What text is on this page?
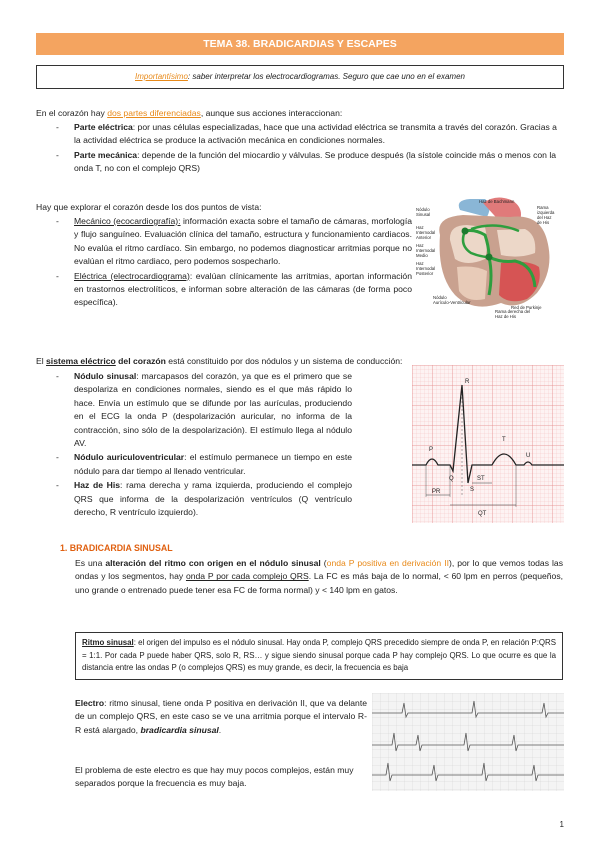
TEMA 38. BRADICARDIAS Y ESCAPES
Importantísimo: saber interpretar los electrocardiogramas. Seguro que cae uno en el examen
En el corazón hay dos partes diferenciadas, aunque sus acciones interaccionan:
- Parte eléctrica: por unas células especializadas, hace que una actividad eléctrica se transmita a través del corazón. Gracias a la actividad eléctrica se produce la activación mecánica en condiciones normales.
- Parte mecánica: depende de la función del miocardio y válvulas. Se produce después (la sístole coincide más o menos con la onda T, no con el complejo QRS)
Hay que explorar el corazón desde los dos puntos de vista:
- Mecánico (ecocardiografía): información exacta sobre el tamaño de cámaras, morfología y flujo sanguíneo. Evaluación clínica del tamaño, estructura y funcionamiento cardiacos. No evalúa el ritmo cardíaco. Sin embargo, no podemos diagnosticar arritmias porque no evalúan el ritmo cardiaco, pero podemos sospecharlo.
- Eléctrica (electrocardiograma): evalúan clínicamente las arritmias, aportan información en trastornos electrolíticos, e informan sobre alteración de las cámaras (de forma poco específica).
Nódulo
Sinusal
Haz
Internodal
Anterior
Haz
Internodal
Medio
Haz
Internodal
Posterior
Nódulo
Aurículo-Ventricular
Haz de Bachmann
Rama
izquierda
del Haz
de His
Red de Purkinje
Rama derecha del
Haz de His
El sistema eléctrico del corazón está constituido por dos nódulos y un sistema de conducción:
- Nódulo sinusal: marcapasos del corazón, ya que es el primero que se despolariza en condiciones normales, siendo es el que más rápido lo hace. Envía un estímulo que se difunde por las aurículas, produciendo en el ECG la onda P (despolarización auricular, no informa de la contracción, sino sólo de la despolarización). El estímulo llega al nódulo AV.
- Nódulo auriculoventricular: el estímulo permanece un tiempo en este nódulo para dar tiempo al llenado ventricular.
- Haz de His: rama derecha y rama izquierda, produciendo el complejo QRS que informa de la despolarización ventrículos (Q ventrículo derecho, R ventrículo izquierdo).
P
Q
R
S
T
U
PR
QT
ST
1. BRADICARDIA SINUSAL
Es una alteración del ritmo con origen en el nódulo sinusal (onda P positiva en derivación II), por lo que vemos todas las ondas y los segmentos, hay onda P por cada complejo QRS. La FC es más baja de lo normal, < 60 lpm en perros (pequeños, uno grande o entrenado puede tener esa FC de forma normal) y < 140 lpm en gatos.
Ritmo sinusal: el origen del impulso es el nódulo sinusal. Hay onda P, complejo QRS precedido siempre de onda P, en relación P:QRS = 1:1. Por cada P puede haber QRS, solo R, RS… y sigue siendo sinusal porque cada P hay complejo QRS. Lo que ocurre es que la distancia entre las ondas P (o complejos QRS) es muy grande, es decir, la frecuencia es baja
Electro: ritmo sinusal, tiene onda P positiva en derivación II, que va delante de un complejo QRS, en este caso se ve una arritmia porque el intervalo R-R está alargado, bradicardia sinusal.
El problema de este electro es que hay muy pocos complejos, están muy separados porque la frecuencia es muy baja.
1
